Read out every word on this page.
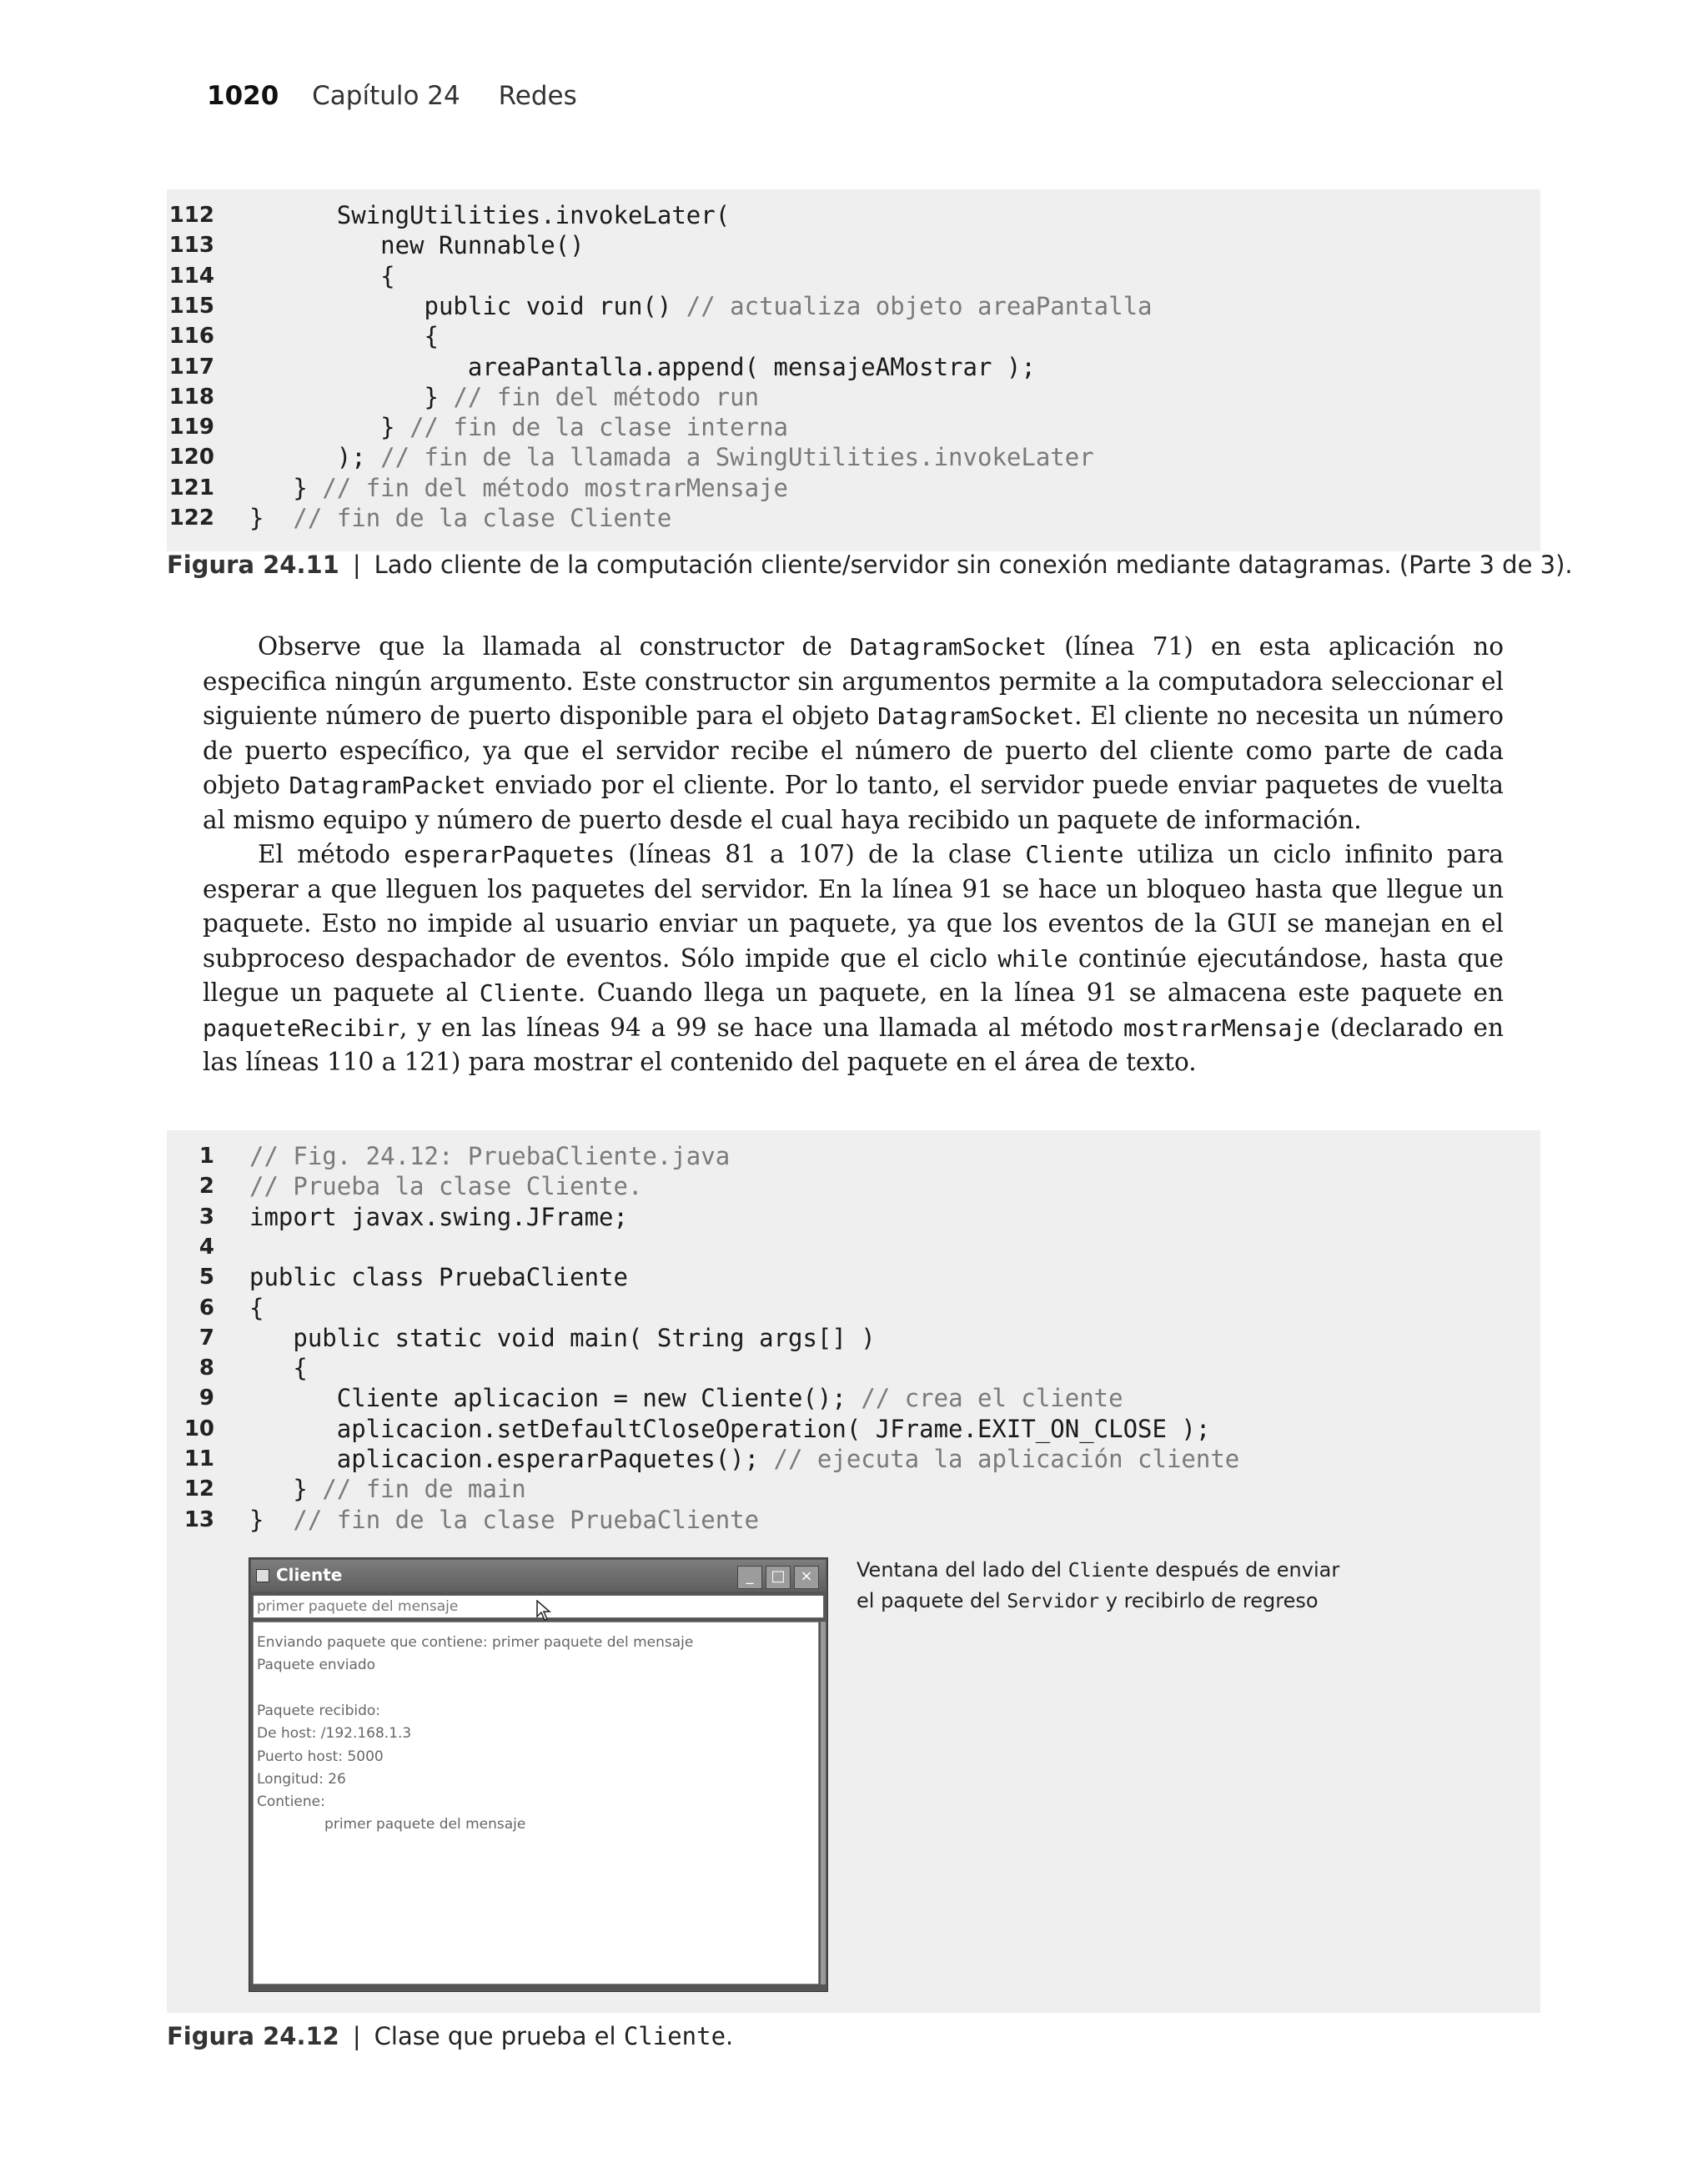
1020 Capítulo 24 Redes
112 SwingUtilities.invokeLater(
113 new Runnable()
114 {
115 public void run() // actualiza objeto areaPantalla
116 {
117 areaPantalla.append( mensajeAMostrar );
118 } // fin del método run
119 } // fin de la clase interna
120 ); // fin de la llamada a SwingUtilities.invokeLater
121 } // fin del método mostrarMensaje
122 }  // fin de la clase Cliente
Figura 24.11 | Lado cliente de la computación cliente/servidor sin conexión mediante datagramas. (Parte 3 de 3).

Observe que la llamada al constructor de DatagramSocket (línea 71) en esta aplicación no especifica ningún argumento. Este constructor sin argumentos permite a la computadora seleccionar el siguiente número de puerto disponible para el objeto DatagramSocket. El cliente no necesita un número de puerto específico, ya que el servidor recibe el número de puerto del cliente como parte de cada objeto DatagramPacket enviado por el cliente. Por lo tanto, el servidor puede enviar paquetes de vuelta al mismo equipo y número de puerto desde el cual haya recibido un paquete de información.

El método esperarPaquetes (líneas 81 a 107) de la clase Cliente utiliza un ciclo infinito para esperar a que lleguen los paquetes del servidor. En la línea 91 se hace un bloqueo hasta que llegue un paquete. Esto no impide al usuario enviar un paquete, ya que los eventos de la GUI se manejan en el subproceso despachador de eventos. Sólo impide que el ciclo while continúe ejecutándose, hasta que llegue un paquete al Cliente. Cuando llega un paquete, en la línea 91 se almacena este paquete en paqueteRecibir, y en las líneas 94 a 99 se hace una llamada al método mostrarMensaje (declarado en las líneas 110 a 121) para mostrar el contenido del paquete en el área de texto.

1 // Fig. 24.12: PruebaCliente.java
2 // Prueba la clase Cliente.
3 import javax.swing.JFrame;
4
5 public class PruebaCliente
6 {
7 public static void main( String args[] )
8 {
9 Cliente aplicacion = new Cliente(); // crea el cliente
10 aplicacion.setDefaultCloseOperation( JFrame.EXIT_ON_CLOSE );
11 aplicacion.esperarPaquetes(); // ejecuta la aplicación cliente
12 } // fin de main
13 }  // fin de la clase PruebaCliente
Cliente	_	□ ×
primer paquete del mensaje
Enviando paquete que contiene: primer paquete del mensaje
Paquete enviado
Paquete recibido:
De host: /192.168.1.3
Puerto host: 5000
Longitud: 26
Contiene:
primer paquete del mensaje
Ventana del lado del Cliente después de enviar
el paquete del Servidor y recibirlo de regreso
Figura 24.12 | Clase que prueba el Cliente.
